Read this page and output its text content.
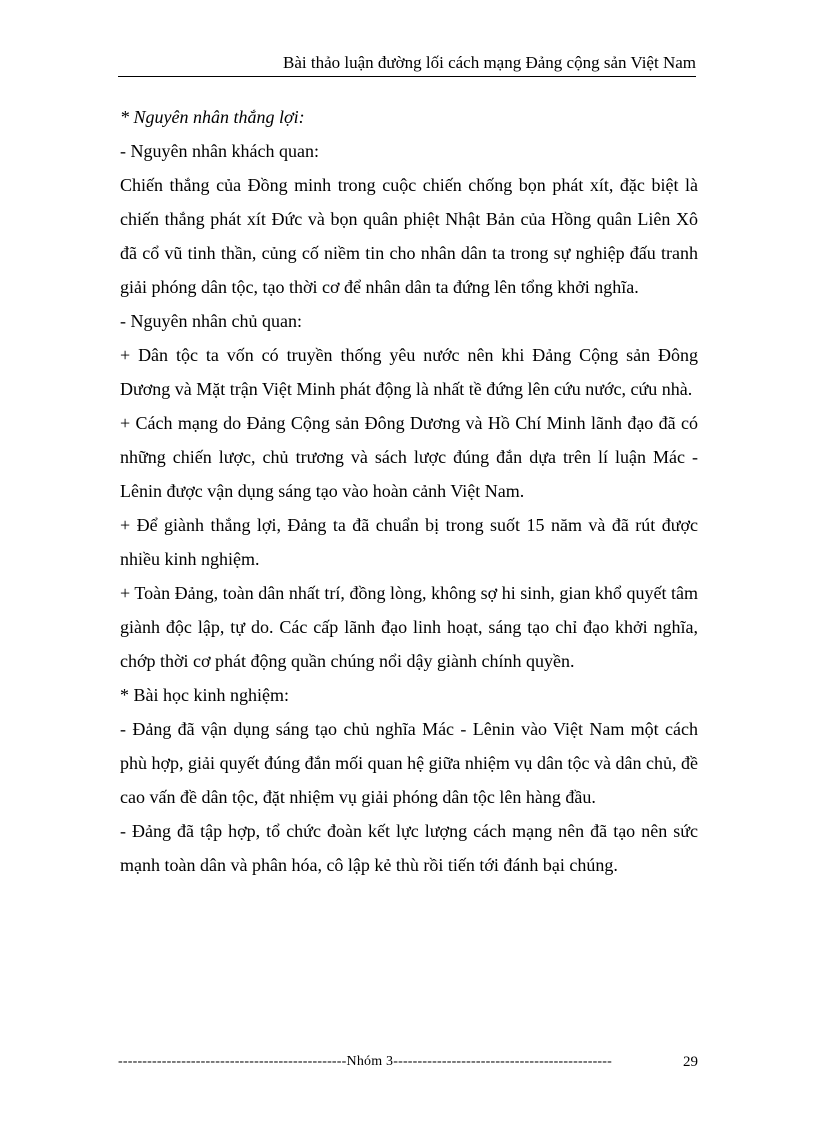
Bài thảo luận đường lối cách mạng Đảng cộng sản Việt Nam

* Nguyên nhân thắng lợi:

- Nguyên nhân khách quan:

Chiến thắng của Đồng minh trong cuộc chiến chống bọn phát xít, đặc biệt là chiến thắng phát xít Đức và bọn quân phiệt Nhật Bản của Hồng quân Liên Xô đã cổ vũ tinh thần, củng cố niềm tin cho nhân dân ta trong sự nghiệp đấu tranh giải phóng dân tộc, tạo thời cơ để nhân dân ta đứng lên tổng khởi nghĩa.

- Nguyên nhân chủ quan:

+ Dân tộc ta vốn có truyền thống yêu nước nên khi Đảng Cộng sản Đông Dương và Mặt trận Việt Minh phát động là nhất tề đứng lên cứu nước, cứu nhà.

+ Cách mạng do Đảng Cộng sản Đông Dương và Hồ Chí Minh lãnh đạo đã có những chiến lược, chủ trương và sách lược đúng đắn dựa trên lí luận Mác - Lênin được vận dụng sáng tạo vào hoàn cảnh Việt Nam.

+ Để giành thắng lợi, Đảng ta đã chuẩn bị trong suốt 15 năm và đã rút được nhiều kinh nghiệm.

+ Toàn Đảng, toàn dân nhất trí, đồng lòng, không sợ hi sinh, gian khổ quyết tâm giành độc lập, tự do. Các cấp lãnh đạo linh hoạt, sáng tạo chỉ đạo khởi nghĩa, chớp thời cơ phát động quần chúng nổi dậy giành chính quyền.

* Bài học kinh nghiệm:

- Đảng đã vận dụng sáng tạo chủ nghĩa Mác - Lênin vào Việt Nam một cách phù hợp, giải quyết đúng đắn mối quan hệ giữa nhiệm vụ dân tộc và dân chủ, đề cao vấn đề dân tộc, đặt nhiệm vụ giải phóng dân tộc lên hàng đầu.

- Đảng đã tập hợp, tổ chức đoàn kết lực lượng cách mạng nên đã tạo nên sức mạnh toàn dân và phân hóa, cô lập kẻ thù rồi tiến tới đánh bại chúng.

-----------------------------------------------Nhóm 3---------------------------------------------	29
